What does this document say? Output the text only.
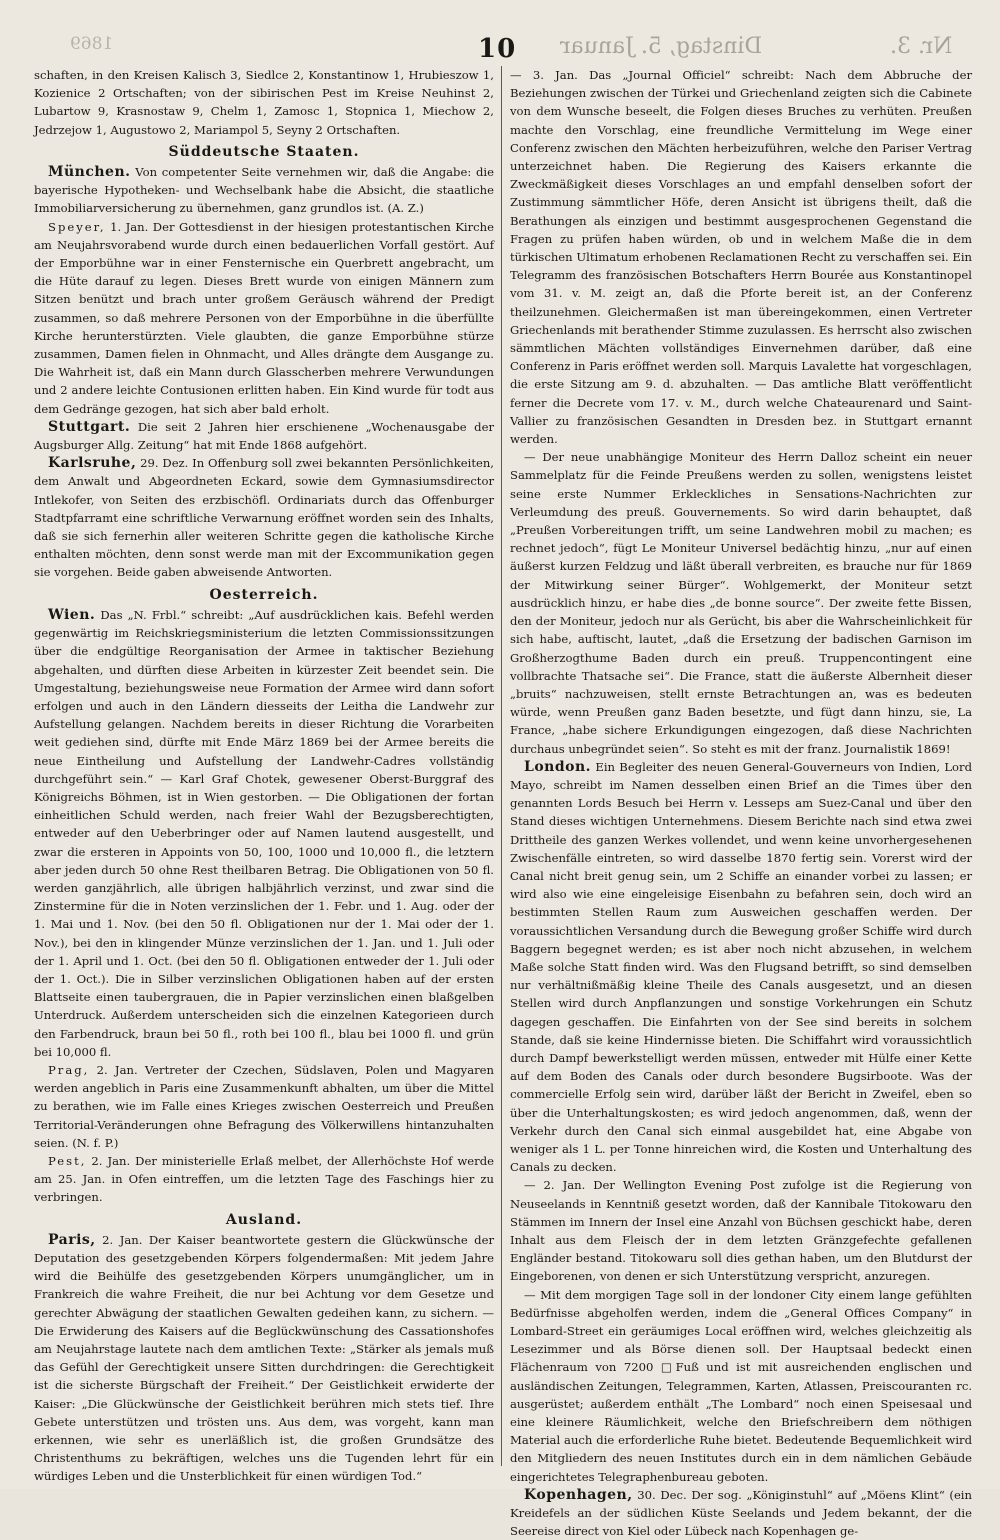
1869	10 Dinstag, 5. Januar	Nr. 3.

schaften, in den Kreisen Kalisch 3, Siedlce 2, Konstantinow 1, Hrubieszow 1, Kozienice 2 Ortschaften; von der sibirischen Pest im Kreise Neuhinst 2, Lubartow 9, Krasnostaw 9, Chelm 1, Zamosc 1, Stopnica 1, Miechow 2, Jedrzejow 1, Augustowo 2, Mariampol 5, Seyny 2 Ortschaften.

Süddeutsche Staaten.

München. Von competenter Seite vernehmen wir, daß die Angabe: die bayerische Hypotheken- und Wechselbank habe die Absicht, die staatliche Immobiliarversicherung zu übernehmen, ganz grundlos ist. (A. Z.)

Speyer, 1. Jan. Der Gottesdienst in der hiesigen protestantischen Kirche am Neujahrsvorabend wurde durch einen bedauerlichen Vorfall gestört. Auf der Emporbühne war in einer Fensternische ein Querbrett angebracht, um die Hüte darauf zu legen. Dieses Brett wurde von einigen Männern zum Sitzen benützt und brach unter großem Geräusch während der Predigt zusammen, so daß mehrere Personen von der Emporbühne in die überfüllte Kirche herunterstürzten. Viele glaubten, die ganze Emporbühne stürze zusammen, Damen fielen in Ohnmacht, und Alles drängte dem Ausgange zu. Die Wahrheit ist, daß ein Mann durch Glasscherben mehrere Verwundungen und 2 andere leichte Contusionen erlitten haben. Ein Kind wurde für todt aus dem Gedränge gezogen, hat sich aber bald erholt.

Stuttgart. Die seit 2 Jahren hier erschienene „Wochenausgabe der Augsburger Allg. Zeitung“ hat mit Ende 1868 aufgehört.

Karlsruhe, 29. Dez. In Offenburg soll zwei bekannten Persönlichkeiten, dem Anwalt und Abgeordneten Eckard, sowie dem Gymnasiumsdirector Intlekofer, von Seiten des erzbischöfl. Ordinariats durch das Offenburger Stadtpfarramt eine schriftliche Verwarnung eröffnet worden sein des Inhalts, daß sie sich fernerhin aller weiteren Schritte gegen die katholische Kirche enthalten möchten, denn sonst werde man mit der Excommunikation gegen sie vorgehen. Beide gaben abweisende Antworten.

Oesterreich.

Wien. Das „N. Frbl.“ schreibt: „Auf ausdrücklichen kais. Befehl werden gegenwärtig im Reichskriegsministerium die letzten Commissionssitzungen über die endgültige Reorganisation der Armee in taktischer Beziehung abgehalten, und dürften diese Arbeiten in kürzester Zeit beendet sein. Die Umgestaltung, beziehungsweise neue Formation der Armee wird dann sofort erfolgen und auch in den Ländern diesseits der Leitha die Landwehr zur Aufstellung gelangen. Nachdem bereits in dieser Richtung die Vorarbeiten weit gediehen sind, dürfte mit Ende März 1869 bei der Armee bereits die neue Eintheilung und Aufstellung der Landwehr-Cadres vollständig durchgeführt sein.“ — Karl Graf Chotek, gewesener Oberst-Burggraf des Königreichs Böhmen, ist in Wien gestorben. — Die Obligationen der fortan einheitlichen Schuld werden, nach freier Wahl der Bezugsberechtigten, entweder auf den Ueberbringer oder auf Namen lautend ausgestellt, und zwar die ersteren in Appoints von 50, 100, 1000 und 10,000 fl., die letztern aber jeden durch 50 ohne Rest theilbaren Betrag. Die Obligationen von 50 fl. werden ganzjährlich, alle übrigen halbjährlich verzinst, und zwar sind die Zinstermine für die in Noten verzinslichen der 1. Febr. und 1. Aug. oder der 1. Mai und 1. Nov. (bei den 50 fl. Obligationen nur der 1. Mai oder der 1. Nov.), bei den in klingender Münze verzinslichen der 1. Jan. und 1. Juli oder der 1. April und 1. Oct. (bei den 50 fl. Obligationen entweder der 1. Juli oder der 1. Oct.). Die in Silber verzinslichen Obligationen haben auf der ersten Blattseite einen taubergrauen, die in Papier verzinslichen einen blaßgelben Unterdruck. Außerdem unterscheiden sich die einzelnen Kategorieen durch den Farbendruck, braun bei 50 fl., roth bei 100 fl., blau bei 1000 fl. und grün bei 10,000 fl.

Prag, 2. Jan. Vertreter der Czechen, Südslaven, Polen und Magyaren werden angeblich in Paris eine Zusammenkunft abhalten, um über die Mittel zu berathen, wie im Falle eines Krieges zwischen Oesterreich und Preußen Territorial-Veränderungen ohne Befragung des Völkerwillens hintanzuhalten seien. (N. f. P.)

Pest, 2. Jan. Der ministerielle Erlaß melbet, der Allerhöchste Hof werde am 25. Jan. in Ofen eintreffen, um die letzten Tage des Faschings hier zu verbringen.

Ausland.

Paris, 2. Jan. Der Kaiser beantwortete gestern die Glückwünsche der Deputation des gesetzgebenden Körpers folgendermaßen: Mit jedem Jahre wird die Beihülfe des gesetzgebenden Körpers unumgänglicher, um in Frankreich die wahre Freiheit, die nur bei Achtung vor dem Gesetze und gerechter Abwägung der staatlichen Gewalten gedeihen kann, zu sichern. — Die Erwiderung des Kaisers auf die Beglückwünschung des Cassationshofes am Neujahrstage lautete nach dem amtlichen Texte: „Stärker als jemals muß das Gefühl der Gerechtigkeit unsere Sitten durchdringen: die Gerechtigkeit ist die sicherste Bürgschaft der Freiheit.“ Der Geistlichkeit erwiderte der Kaiser: „Die Glückwünsche der Geistlichkeit berühren mich stets tief. Ihre Gebete unterstützen und trösten uns. Aus dem, was vorgeht, kann man erkennen, wie sehr es unerläßlich ist, die großen Grundsätze des Christenthums zu bekräftigen, welches uns die Tugenden lehrt für ein würdiges Leben und die Unsterblichkeit für einen würdigen Tod.“

— 3. Jan. Das „Journal Officiel“ schreibt: Nach dem Abbruche der Beziehungen zwischen der Türkei und Griechenland zeigten sich die Cabinete von dem Wunsche beseelt, die Folgen dieses Bruches zu verhüten. Preußen machte den Vorschlag, eine freundliche Vermittelung im Wege einer Conferenz zwischen den Mächten herbeizuführen, welche den Pariser Vertrag unterzeichnet haben. Die Regierung des Kaisers erkannte die Zweckmäßigkeit dieses Vorschlages an und empfahl denselben sofort der Zustimmung sämmtlicher Höfe, deren Ansicht ist übrigens theilt, daß die Berathungen als einzigen und bestimmt ausgesprochenen Gegenstand die Fragen zu prüfen haben würden, ob und in welchem Maße die in dem türkischen Ultimatum erhobenen Reclamationen Recht zu verschaffen sei. Ein Telegramm des französischen Botschafters Herrn Bourée aus Konstantinopel vom 31. v. M. zeigt an, daß die Pforte bereit ist, an der Conferenz theilzunehmen. Gleichermaßen ist man übereingekommen, einen Vertreter Griechenlands mit berathender Stimme zuzulassen. Es herrscht also zwischen sämmtlichen Mächten vollständiges Einvernehmen darüber, daß eine Conferenz in Paris eröffnet werden soll. Marquis Lavalette hat vorgeschlagen, die erste Sitzung am 9. d. abzuhalten. — Das amtliche Blatt veröffentlicht ferner die Decrete vom 17. v. M., durch welche Chateaurenard und Saint-Vallier zu französischen Gesandten in Dresden bez. in Stuttgart ernannt werden.

— Der neue unabhängige Moniteur des Herrn Dalloz scheint ein neuer Sammelplatz für die Feinde Preußens werden zu sollen, wenigstens leistet seine erste Nummer Erkleckliches in Sensations-Nachrichten zur Verleumdung des preuß. Gouvernements. So wird darin behauptet, daß „Preußen Vorbereitungen trifft, um seine Landwehren mobil zu machen; es rechnet jedoch“, fügt Le Moniteur Universel bedächtig hinzu, „nur auf einen äußerst kurzen Feldzug und läßt überall verbreiten, es brauche nur für 1869 der Mitwirkung seiner Bürger“. Wohlgemerkt, der Moniteur setzt ausdrücklich hinzu, er habe dies „de bonne source“. Der zweite fette Bissen, den der Moniteur, jedoch nur als Gerücht, bis aber die Wahrscheinlichkeit für sich habe, auftischt, lautet, „daß die Ersetzung der badischen Garnison im Großherzogthume Baden durch ein preuß. Truppencontingent eine vollbrachte Thatsache sei“. Die France, statt die äußerste Albernheit dieser „bruits“ nachzuweisen, stellt ernste Betrachtungen an, was es bedeuten würde, wenn Preußen ganz Baden besetzte, und fügt dann hinzu, sie, La France, „habe sichere Erkundigungen eingezogen, daß diese Nachrichten durchaus unbegründet seien“. So steht es mit der franz. Journalistik 1869!

London. Ein Begleiter des neuen General-Gouverneurs von Indien, Lord Mayo, schreibt im Namen desselben einen Brief an die Times über den genannten Lords Besuch bei Herrn v. Lesseps am Suez-Canal und über den Stand dieses wichtigen Unternehmens. Diesem Berichte nach sind etwa zwei Drittheile des ganzen Werkes vollendet, und wenn keine unvorhergesehenen Zwischenfälle eintreten, so wird dasselbe 1870 fertig sein. Vorerst wird der Canal nicht breit genug sein, um 2 Schiffe an einander vorbei zu lassen; er wird also wie eine eingeleisige Eisenbahn zu befahren sein, doch wird an bestimmten Stellen Raum zum Ausweichen geschaffen werden. Der voraussichtlichen Versandung durch die Bewegung großer Schiffe wird durch Baggern begegnet werden; es ist aber noch nicht abzusehen, in welchem Maße solche Statt finden wird. Was den Flugsand betrifft, so sind demselben nur verhältnißmäßig kleine Theile des Canals ausgesetzt, und an diesen Stellen wird durch Anpflanzungen und sonstige Vorkehrungen ein Schutz dagegen geschaffen. Die Einfahrten von der See sind bereits in solchem Stande, daß sie keine Hindernisse bieten. Die Schiffahrt wird voraussichtlich durch Dampf bewerkstelligt werden müssen, entweder mit Hülfe einer Kette auf dem Boden des Canals oder durch besondere Bugsirboote. Was der commercielle Erfolg sein wird, darüber läßt der Bericht in Zweifel, eben so über die Unterhaltungskosten; es wird jedoch angenommen, daß, wenn der Verkehr durch den Canal sich einmal ausgebildet hat, eine Abgabe von weniger als 1 L. per Tonne hinreichen wird, die Kosten und Unterhaltung des Canals zu decken.

— 2. Jan. Der Wellington Evening Post zufolge ist die Regierung von Neuseelands in Kenntniß gesetzt worden, daß der Kannibale Titokowaru den Stämmen im Innern der Insel eine Anzahl von Büchsen geschickt habe, deren Inhalt aus dem Fleisch der in dem letzten Gränzgefechte gefallenen Engländer bestand. Titokowaru soll dies gethan haben, um den Blutdurst der Eingeborenen, von denen er sich Unterstützung verspricht, anzuregen.

— Mit dem morgigen Tage soll in der londoner City einem lange gefühlten Bedürfnisse abgeholfen werden, indem die „General Offices Company“ in Lombard-Street ein geräumiges Local eröffnen wird, welches gleichzeitig als Lesezimmer und als Börse dienen soll. Der Hauptsaal bedeckt einen Flächenraum von 7200 □Fuß und ist mit ausreichenden englischen und ausländischen Zeitungen, Telegrammen, Karten, Atlassen, Preiscouranten rc. ausgerüstet; außerdem enthält „The Lombard“ noch einen Speisesaal und eine kleinere Räumlichkeit, welche den Briefschreibern dem nöthigen Material auch die erforderliche Ruhe bietet. Bedeutende Bequemlichkeit wird den Mitgliedern des neuen Institutes durch ein in dem nämlichen Gebäude eingerichtetes Telegraphenbureau geboten.

Kopenhagen, 30. Dec. Der sog. „Königinstuhl“ auf „Möens Klint“ (ein Kreidefels an der südlichen Küste Seelands und Jedem bekannt, der die Seereise direct von Kiel oder Lübeck nach Kopenhagen ge-
